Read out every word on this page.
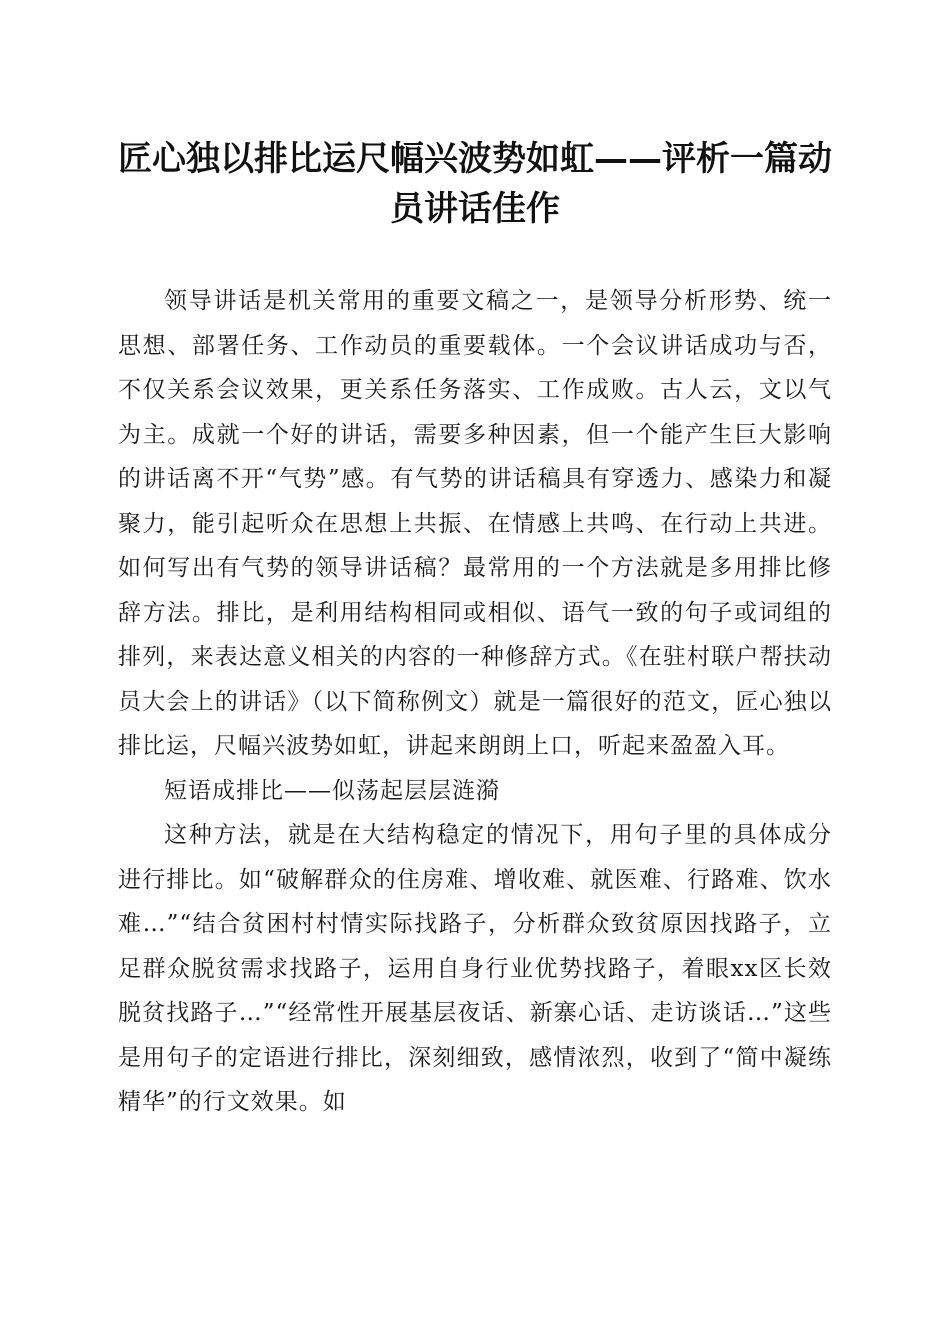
匠心独以排比运尺幅兴波势如虹——评析一篇动员讲话佳作

领导讲话是机关常用的重要文稿之一，是领导分析形势、统一思想、部署任务、工作动员的重要载体。一个会议讲话成功与否，不仅关系会议效果，更关系任务落实、工作成败。古人云，文以气为主。成就一个好的讲话，需要多种因素，但一个能产生巨大影响的讲话离不开“气势”感。有气势的讲话稿具有穿透力、感染力和凝聚力，能引起听众在思想上共振、在情感上共鸣、在行动上共进。如何写出有气势的领导讲话稿？最常用的一个方法就是多用排比修辞方法。排比，是利用结构相同或相似、语气一致的句子或词组的排列，来表达意义相关的内容的一种修辞方式。《在驻村联户帮扶动员大会上的讲话》（以下简称例文）就是一篇很好的范文，匠心独以排比运，尺幅兴波势如虹，讲起来朗朗上口，听起来盈盈入耳。

短语成排比——似荡起层层涟漪

这种方法，就是在大结构稳定的情况下，用句子里的具体成分进行排比。如“破解群众的住房难、增收难、就医难、行路难、饮水难…”“结合贫困村村情实际找路子，分析群众致贫原因找路子，立足群众脱贫需求找路子，运用自身行业优势找路子，着眼xx区长效脱贫找路子…”“经常性开展基层夜话、新寨心话、走访谈话…”这些是用句子的定语进行排比，深刻细致，感情浓烈，收到了“简中凝练精华”的行文效果。如
